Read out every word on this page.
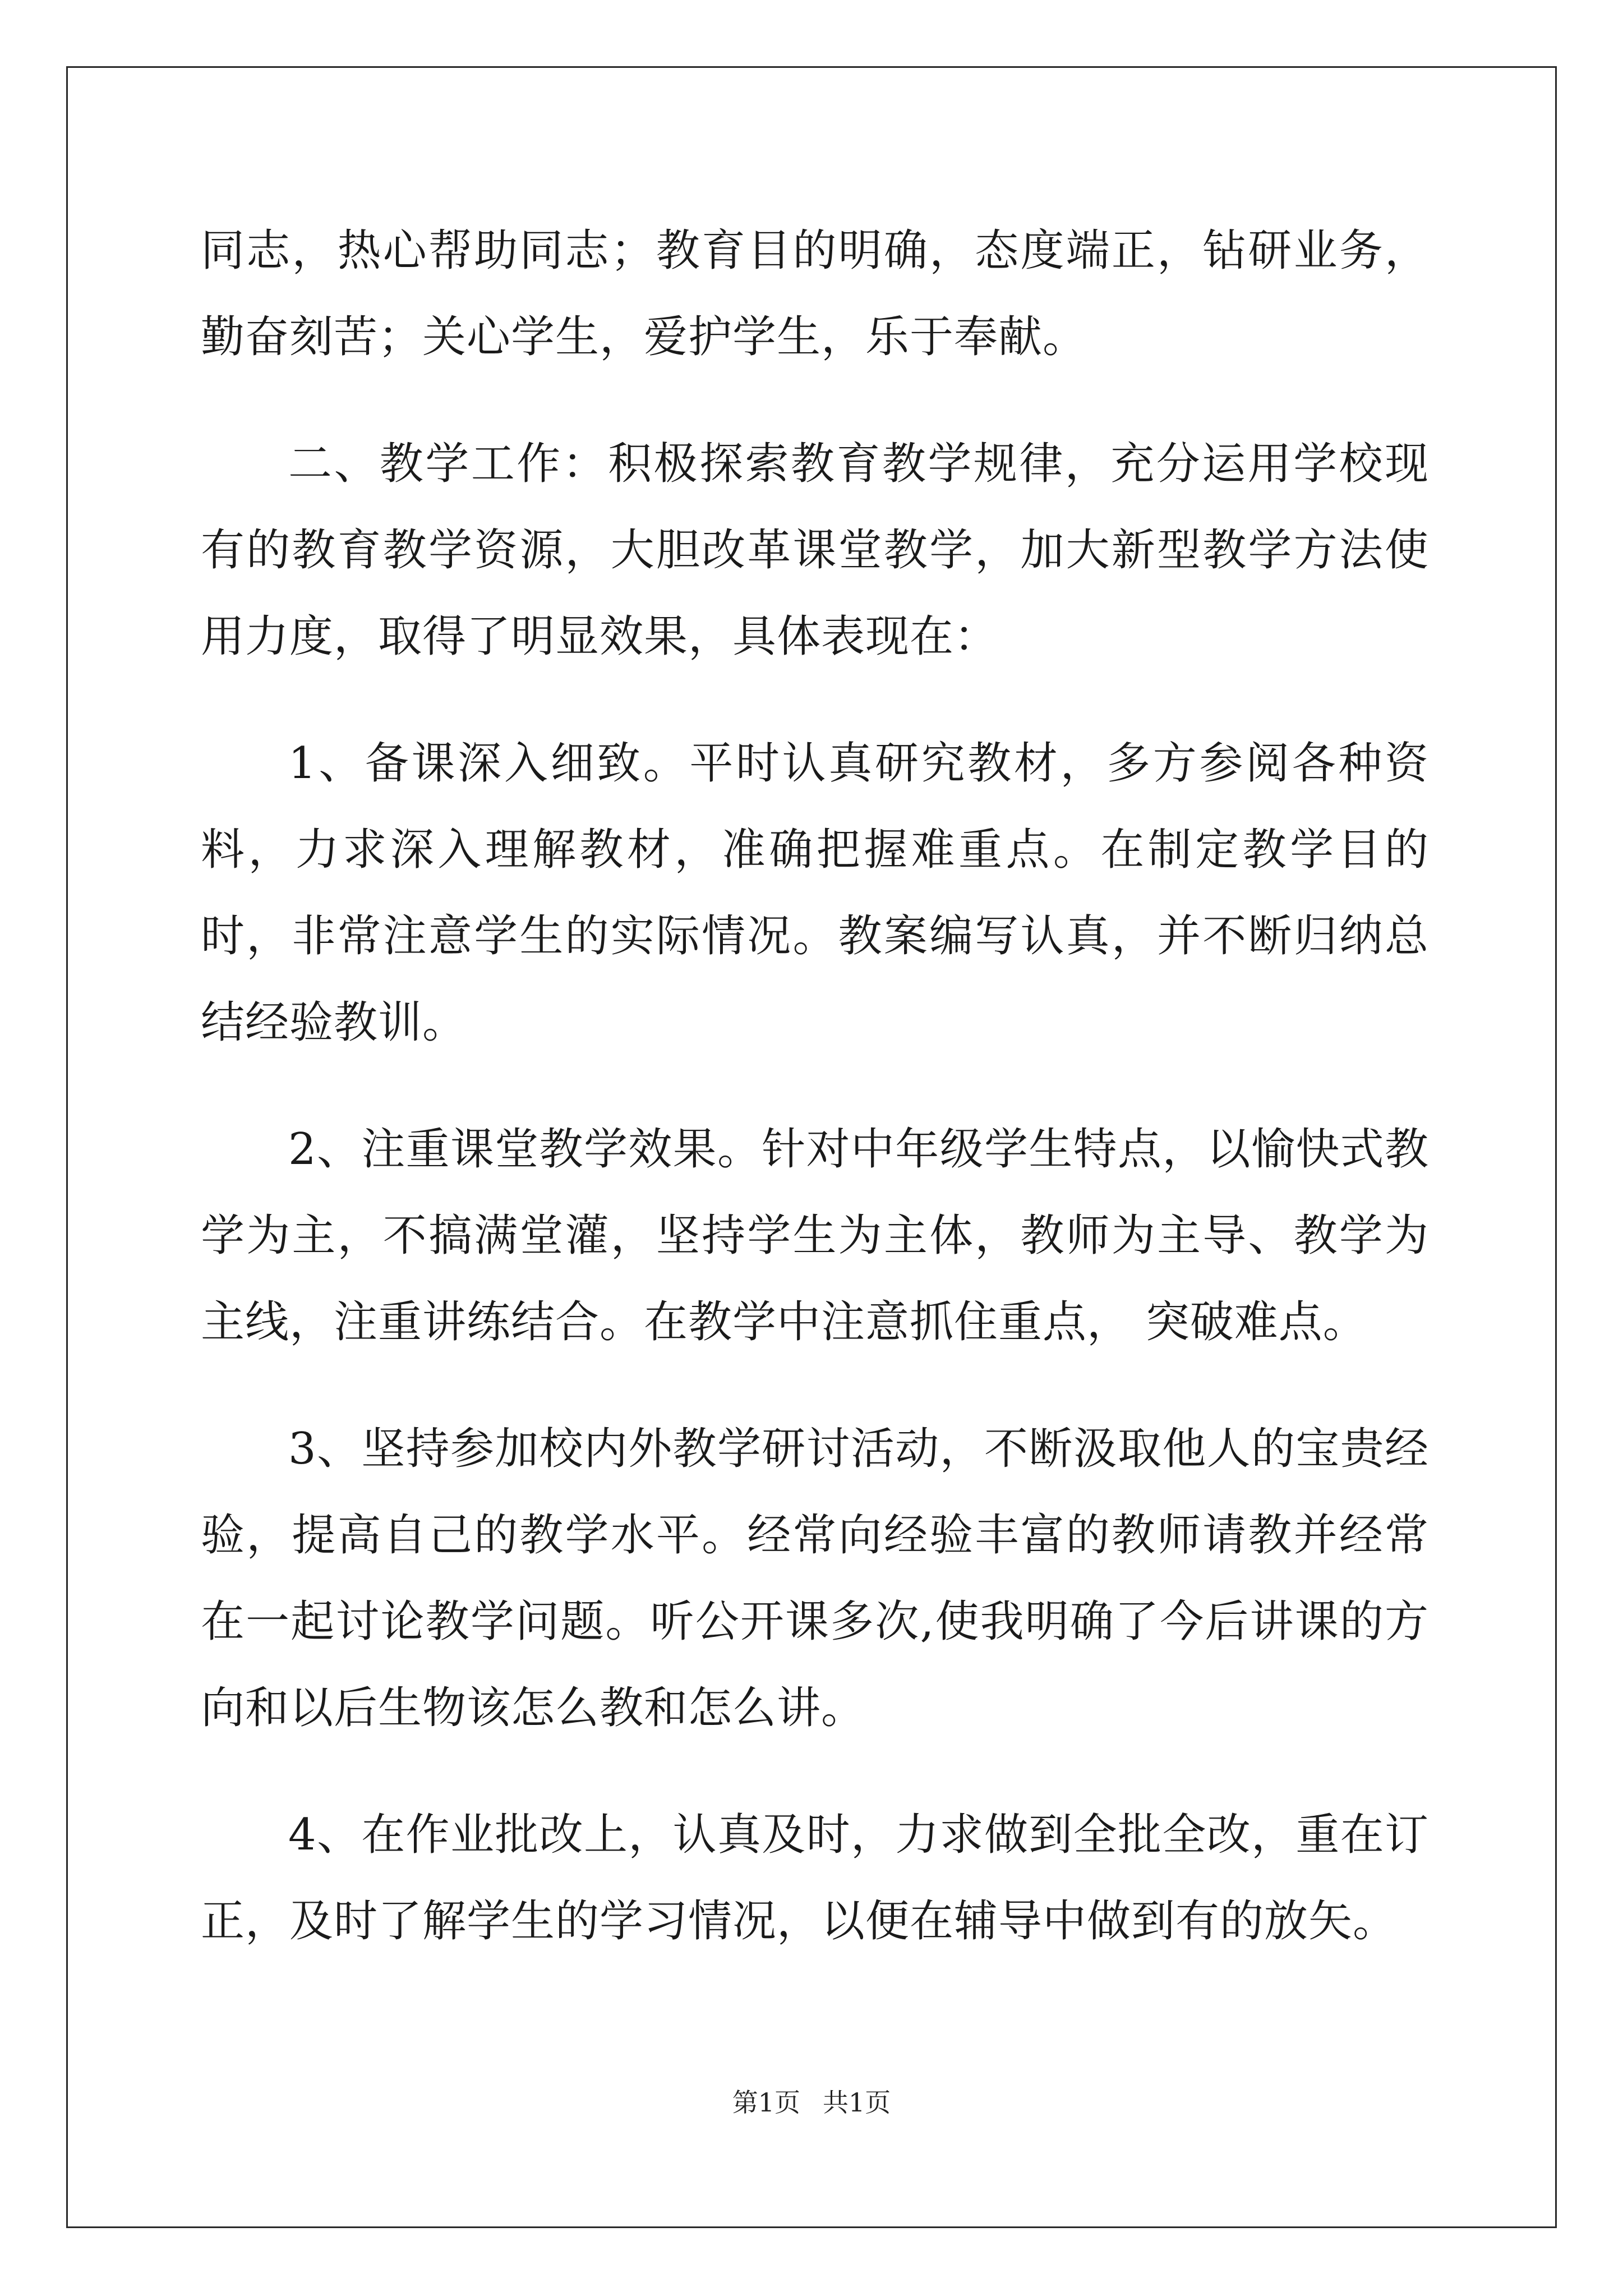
同志，热心帮助同志；教育目的明确，态度端正，钻研业务，勤奋刻苦；关心学生，爱护学生，乐于奉献。

二、教学工作：积极探索教育教学规律，充分运用学校现有的教育教学资源，大胆改革课堂教学，加大新型教学方法使用力度，取得了明显效果，具体表现在：

1、备课深入细致。平时认真研究教材，多方参阅各种资料，力求深入理解教材，准确把握难重点。在制定教学目的时，非常注意学生的实际情况。教案编写认真，并不断归纳总结经验教训。

2、注重课堂教学效果。针对中年级学生特点，以愉快式教学为主，不搞满堂灌，坚持学生为主体，教师为主导、教学为主线，注重讲练结合。在教学中注意抓住重点， 突破难点。

3、坚持参加校内外教学研讨活动，不断汲取他人的宝贵经验，提高自己的教学水平。经常向经验丰富的教师请教并经常在一起讨论教学问题。听公开课多次,使我明确了今后讲课的方向和以后生物该怎么教和怎么讲。

4、在作业批改上，认真及时，力求做到全批全改，重在订正，及时了解学生的学习情况，以便在辅导中做到有的放矢。

第1页 共1页
